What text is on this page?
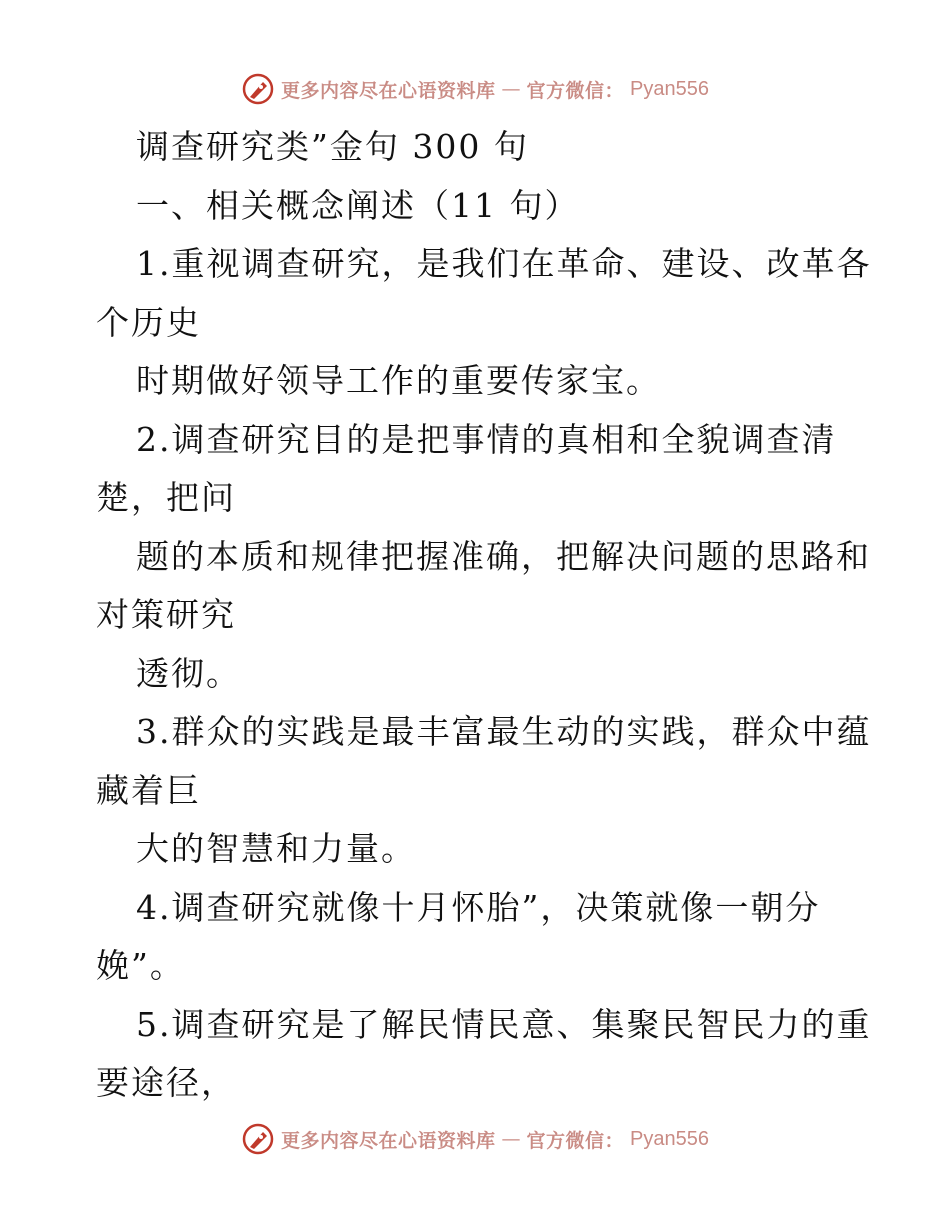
更多内容尽在心语资料库 — 官方微信： Pyan556
调查研究类”金句 300 句
一、相关概念阐述（11 句）
1.重视调查研究，是我们在革命、建设、改革各
个历史
时期做好领导工作的重要传家宝。
2.调查研究目的是把事情的真相和全貌调查清
楚，把问
题的本质和规律把握准确，把解决问题的思路和
对策研究
透彻。
3.群众的实践是最丰富最生动的实践，群众中蕴
藏着巨
大的智慧和力量。
4.调查研究就像十月怀胎”，决策就像一朝分
娩”。
5.调查研究是了解民情民意、集聚民智民力的重
要途径，
更多内容尽在心语资料库 — 官方微信： Pyan556
